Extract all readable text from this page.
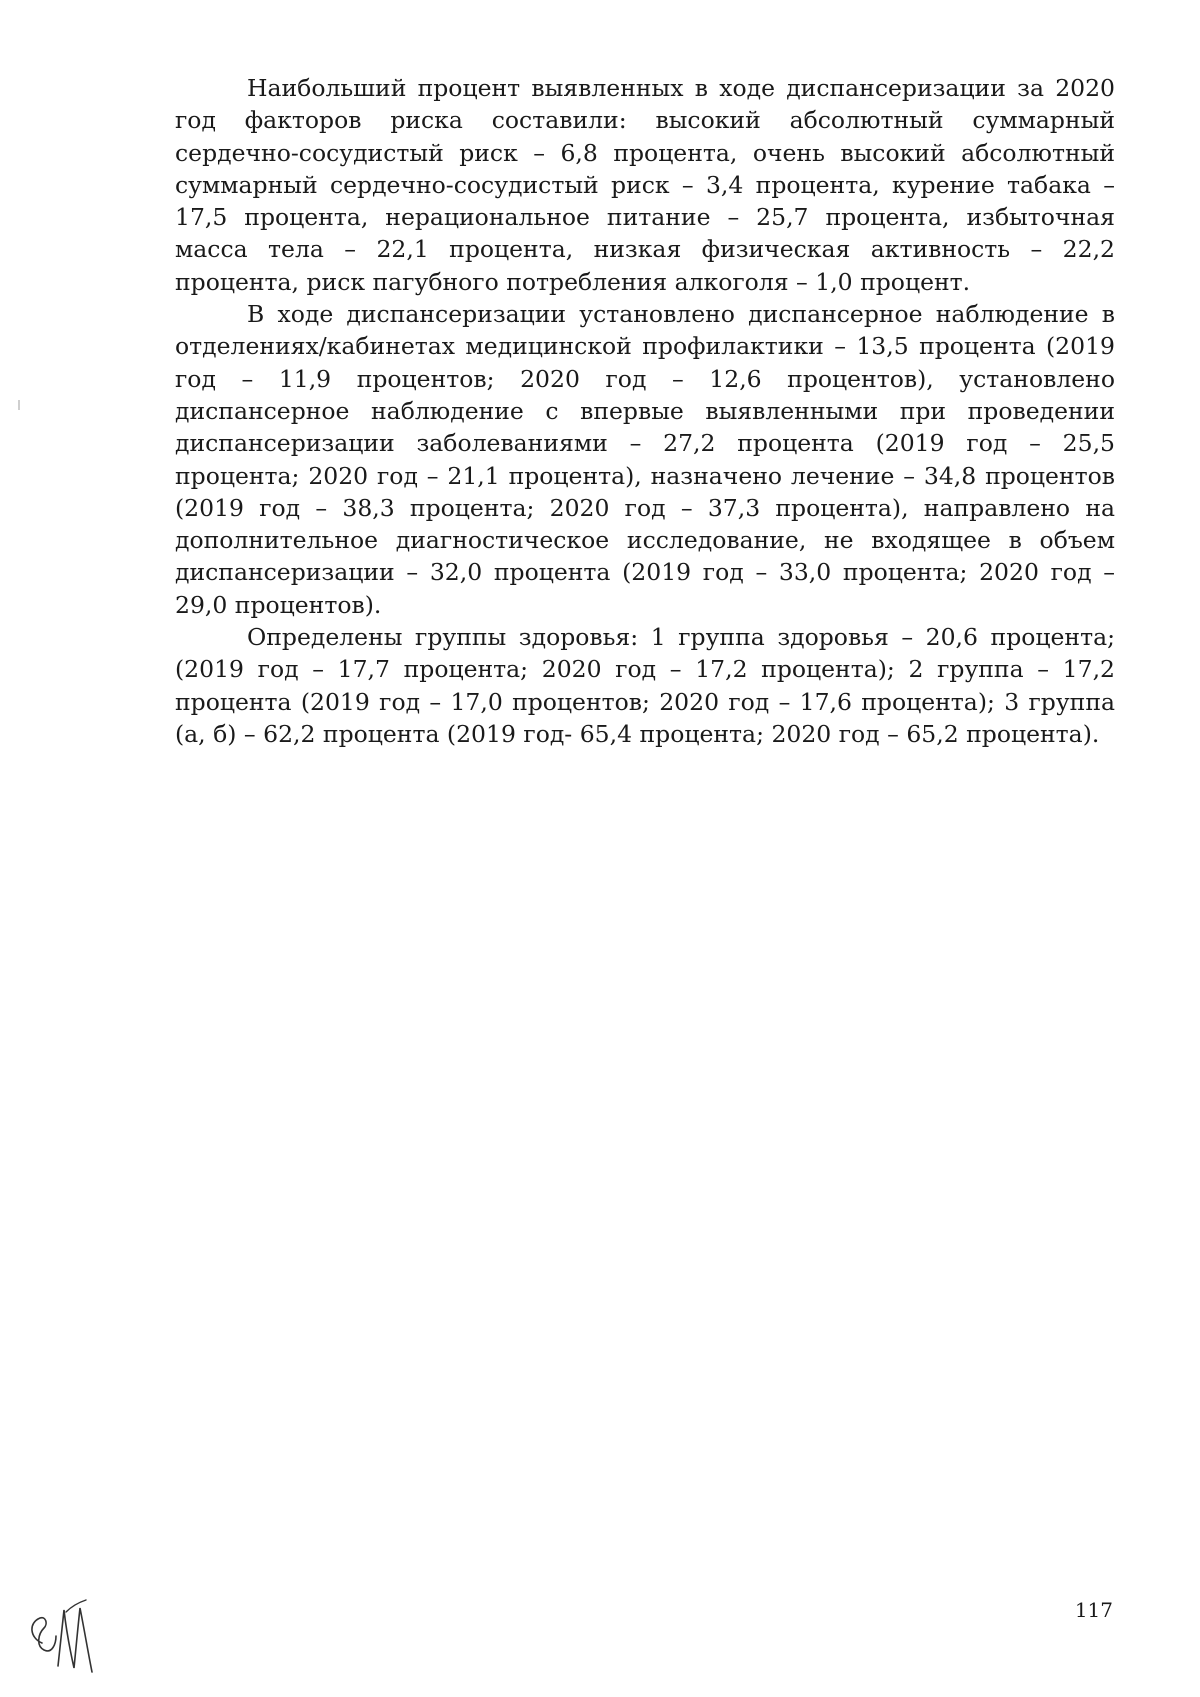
Наибольший процент выявленных в ходе диспансеризации за 2020 год факторов риска составили: высокий абсолютный суммарный сердечно-сосудистый риск – 6,8 процента, очень высокий абсолютный суммарный сердечно-сосудистый риск – 3,4 процента, курение табака – 17,5 процента, нерациональное питание – 25,7 процента, избыточная масса тела – 22,1 процента, низкая физическая активность – 22,2 процента, риск пагубного потребления алкоголя – 1,0 процент.

В ходе диспансеризации установлено диспансерное наблюдение в отделениях/кабинетах медицинской профилактики – 13,5 процента (2019 год – 11,9 процентов; 2020 год – 12,6 процентов), установлено диспансерное наблюдение с впервые выявленными при проведении диспансеризации заболеваниями – 27,2 процента (2019 год – 25,5 процента; 2020 год – 21,1 процента), назначено лечение – 34,8 процентов (2019 год – 38,3 процента; 2020 год – 37,3 процента), направлено на дополнительное диагностическое исследование, не входящее в объем диспансеризации – 32,0 процента (2019 год – 33,0 процента; 2020 год – 29,0 процентов).

Определены группы здоровья: 1 группа здоровья – 20,6 процента; (2019 год – 17,7 процента; 2020 год – 17,2 процента); 2 группа – 17,2 процента (2019 год – 17,0 процентов; 2020 год – 17,6 процента); 3 группа (а, б) – 62,2 процента (2019 год- 65,4 процента; 2020 год – 65,2 процента).

117
